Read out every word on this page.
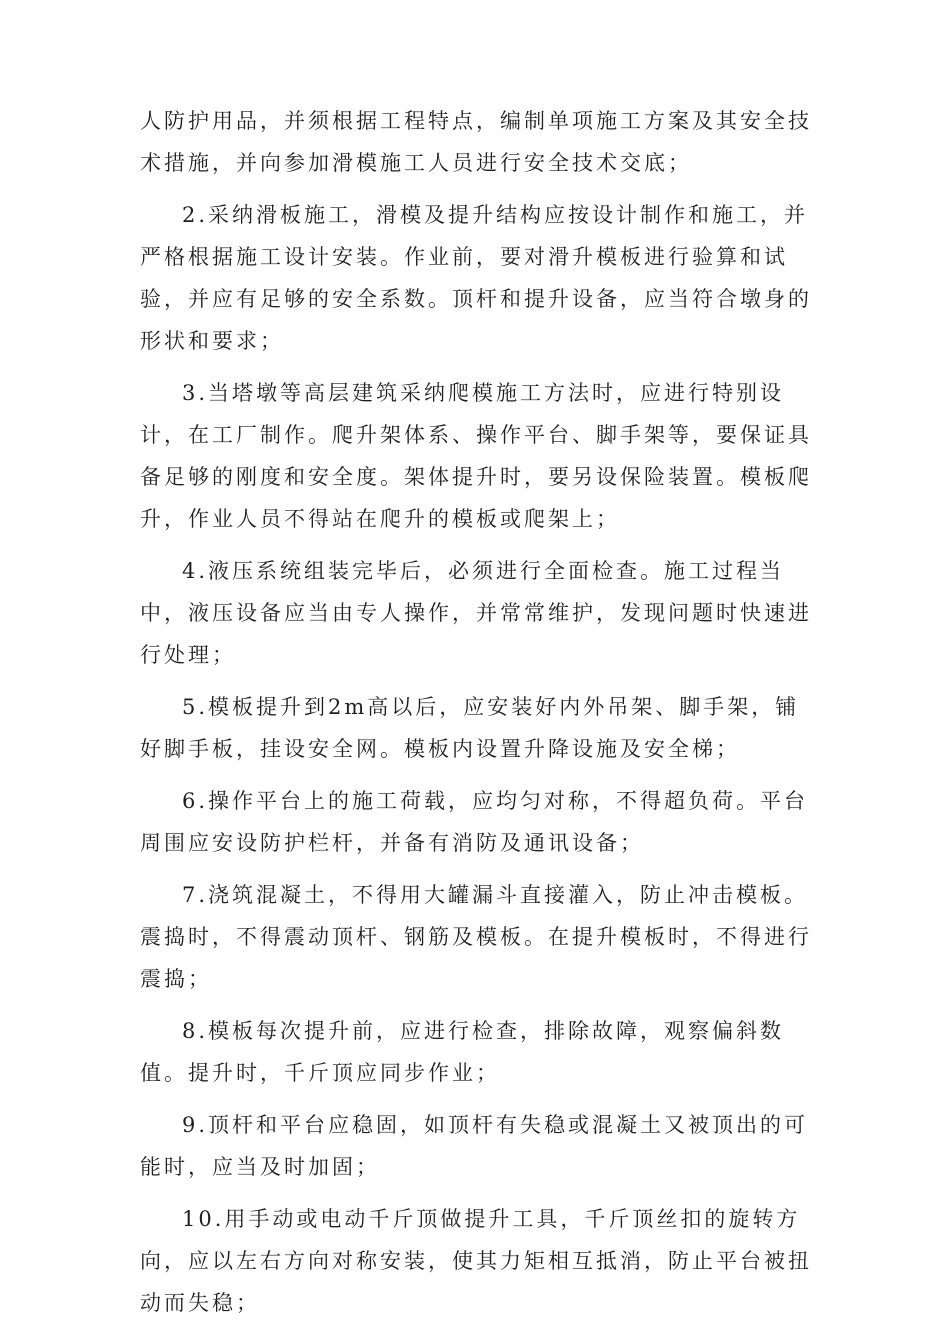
人防护用品，并须根据工程特点，编制单项施工方案及其安全技术措施，并向参加滑模施工人员进行安全技术交底；

2.采纳滑板施工，滑模及提升结构应按设计制作和施工，并严格根据施工设计安装。作业前，要对滑升模板进行验算和试验，并应有足够的安全系数。顶杆和提升设备，应当符合墩身的形状和要求；

3.当塔墩等高层建筑采纳爬模施工方法时，应进行特别设计，在工厂制作。爬升架体系、操作平台、脚手架等，要保证具备足够的刚度和安全度。架体提升时，要另设保险装置。模板爬升，作业人员不得站在爬升的模板或爬架上；

4.液压系统组装完毕后，必须进行全面检查。施工过程当中，液压设备应当由专人操作，并常常维护，发现问题时快速进行处理；

5.模板提升到2m高以后，应安装好内外吊架、脚手架，铺好脚手板，挂设安全网。模板内设置升降设施及安全梯；

6.操作平台上的施工荷载，应均匀对称，不得超负荷。平台周围应安设防护栏杆，并备有消防及通讯设备；

7.浇筑混凝土，不得用大罐漏斗直接灌入，防止冲击模板。震捣时，不得震动顶杆、钢筋及模板。在提升模板时，不得进行震捣；

8.模板每次提升前，应进行检查，排除故障，观察偏斜数值。提升时，千斤顶应同步作业；

9.顶杆和平台应稳固，如顶杆有失稳或混凝土又被顶出的可能时，应当及时加固；

10.用手动或电动千斤顶做提升工具，千斤顶丝扣的旋转方向，应以左右方向对称安装，使其力矩相互抵消，防止平台被扭动而失稳；
